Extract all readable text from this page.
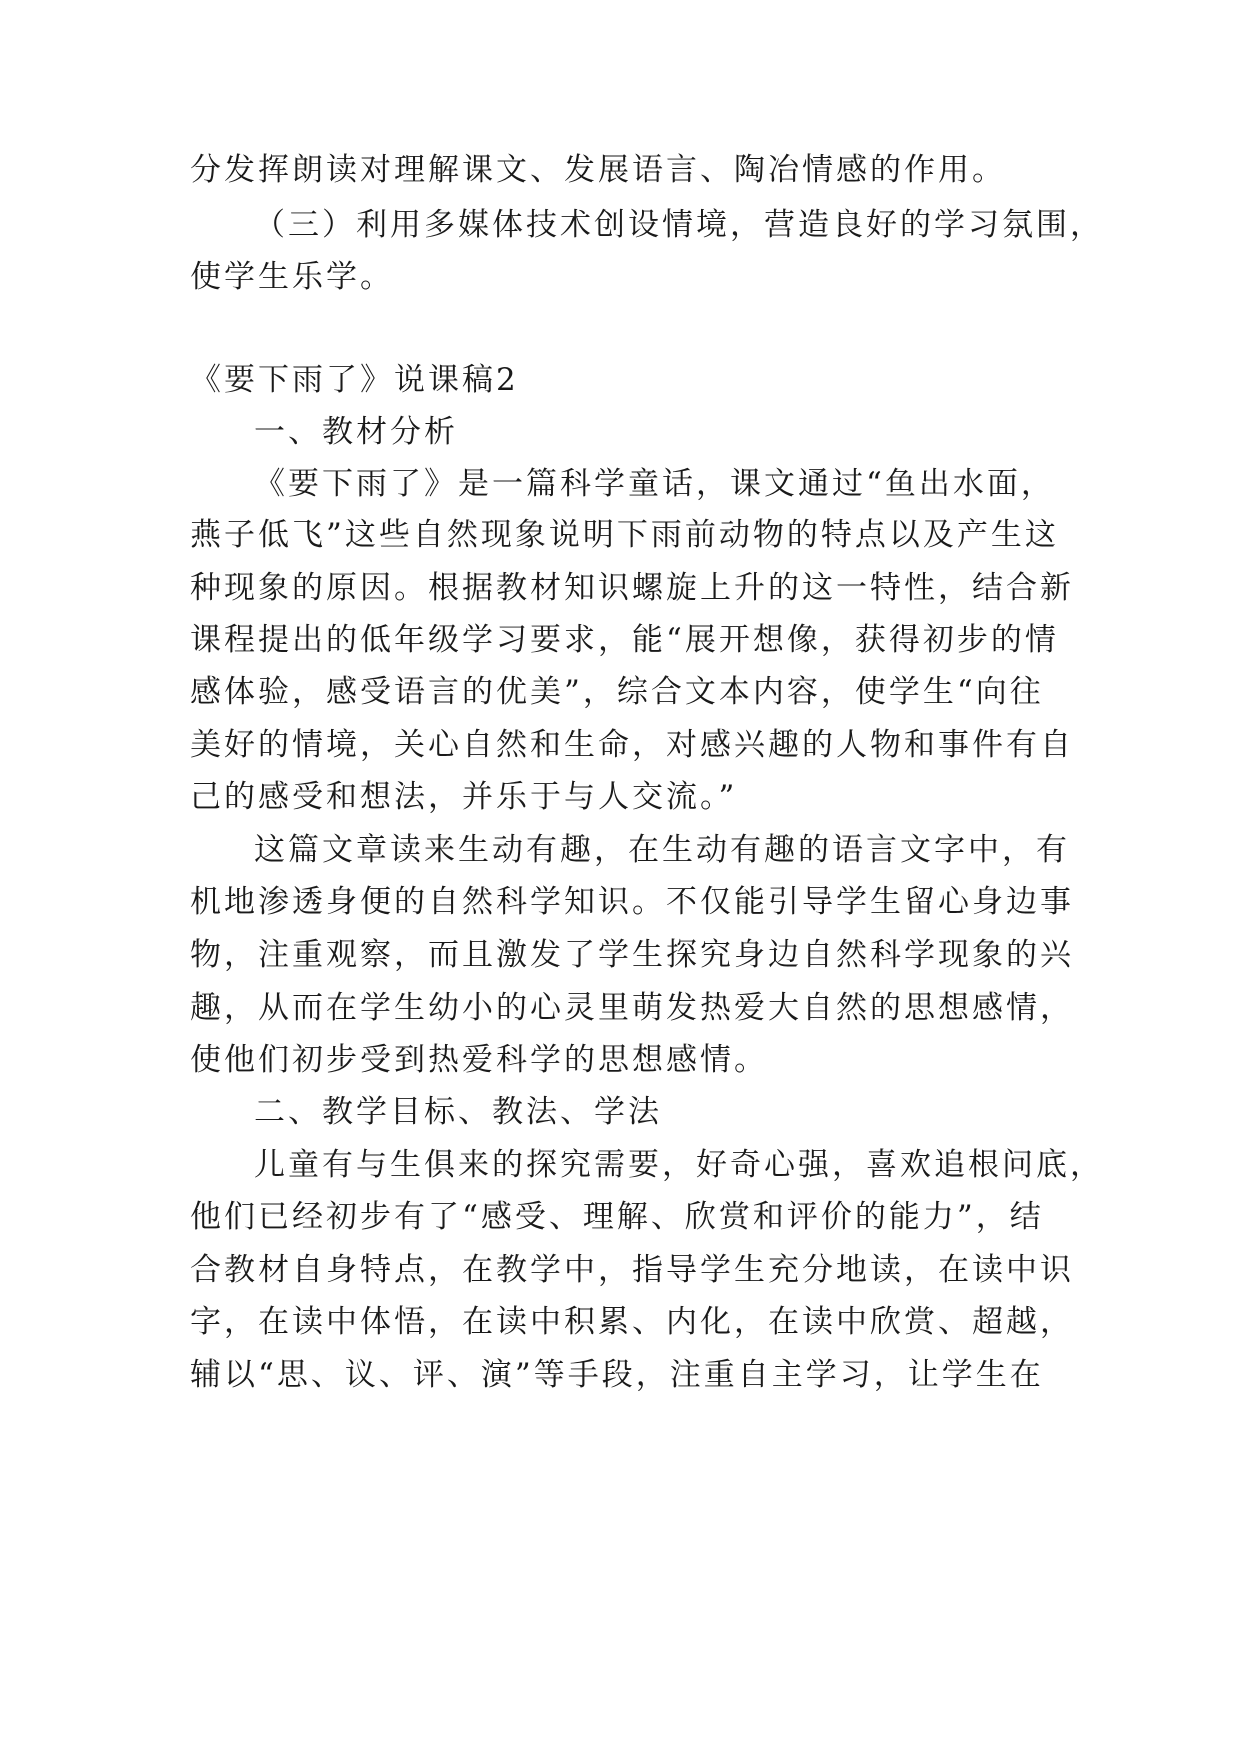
分发挥朗读对理解课文、发展语言、陶冶情感的作用。
（三）利用多媒体技术创设情境，营造良好的学习氛围，
使学生乐学。
《要下雨了》说课稿2
一、教材分析
《要下雨了》是一篇科学童话，课文通过“鱼出水面，
燕子低飞”这些自然现象说明下雨前动物的特点以及产生这
种现象的原因。根据教材知识螺旋上升的这一特性，结合新
课程提出的低年级学习要求，能“展开想像，获得初步的情
感体验，感受语言的优美”，综合文本内容，使学生“向往
美好的情境，关心自然和生命，对感兴趣的人物和事件有自
己的感受和想法，并乐于与人交流。”
这篇文章读来生动有趣，在生动有趣的语言文字中，有
机地渗透身便的自然科学知识。不仅能引导学生留心身边事
物，注重观察，而且激发了学生探究身边自然科学现象的兴
趣，从而在学生幼小的心灵里萌发热爱大自然的思想感情，
使他们初步受到热爱科学的思想感情。
二、教学目标、教法、学法
儿童有与生俱来的探究需要，好奇心强，喜欢追根问底，
他们已经初步有了“感受、理解、欣赏和评价的能力”，结
合教材自身特点，在教学中，指导学生充分地读，在读中识
字，在读中体悟，在读中积累、内化，在读中欣赏、超越，
辅以“思、议、评、演”等手段，注重自主学习，让学生在
